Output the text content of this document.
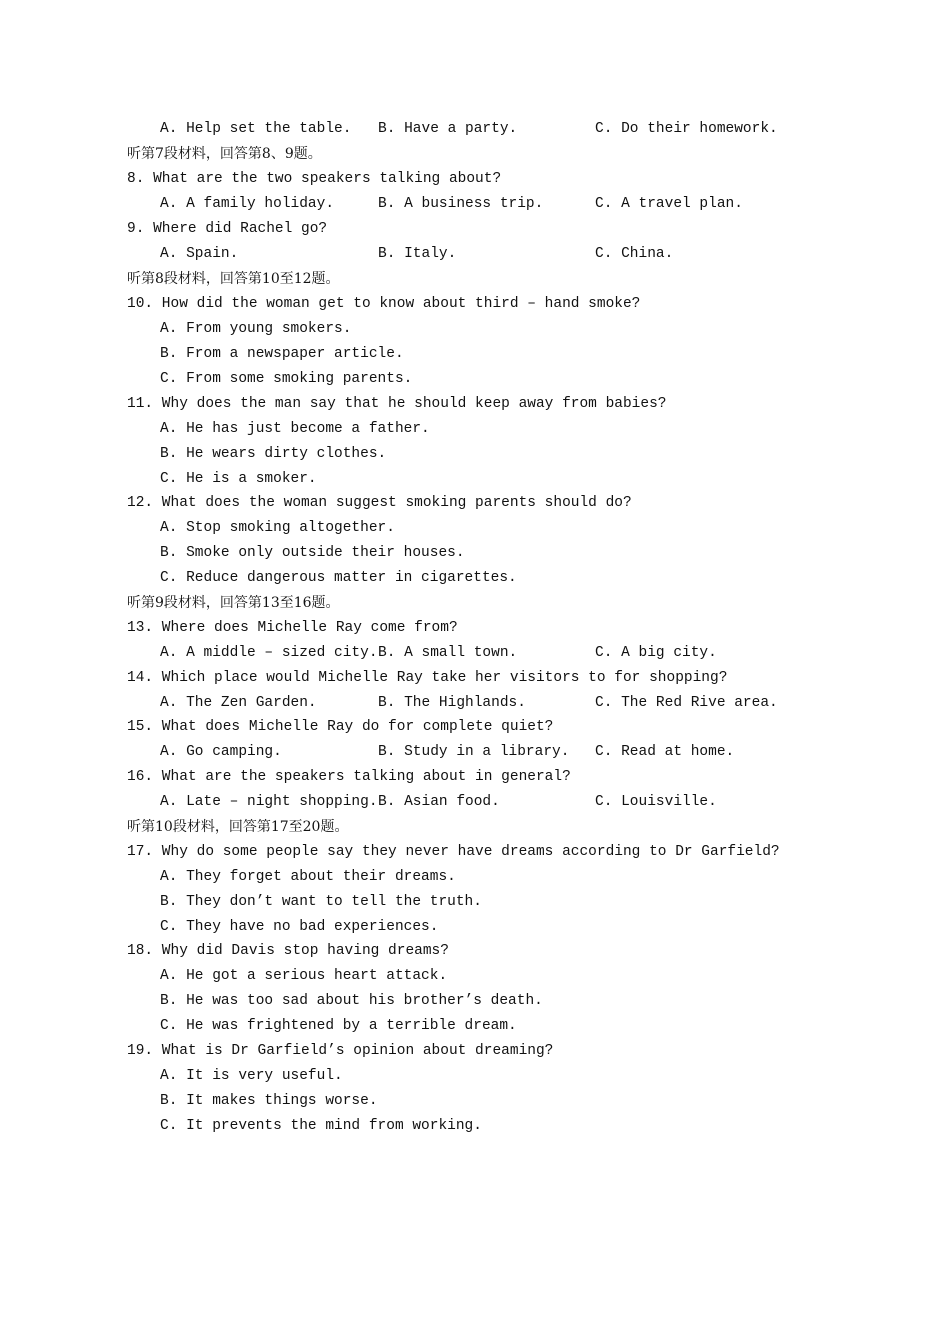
A. Help set the table. B. Have a party.	C. Do their homework.
听第7段材料，回答第8、9题。
8. What are the two speakers talking about?
A. A family holiday.	B. A business trip.	C. A travel plan.
9. Where did Rachel go?
A. Spain.	B. Italy.	C. China.
听第8段材料，回答第10至12题。
10. How did the woman get to know about third – hand smoke?
A. From young smokers.
B. From a newspaper article.
C. From some smoking parents.
11. Why does the man say that he should keep away from babies?
A. He has just become a father.
B. He wears dirty clothes.
C. He is a smoker.
12. What does the woman suggest smoking parents should do?
A. Stop smoking altogether.
B. Smoke only outside their houses.
C. Reduce dangerous matter in cigarettes.
听第9段材料，回答第13至16题。
13. Where does Michelle Ray come from?
A. A middle – sized city. B. A small town.	C. A big city.
14. Which place would Michelle Ray take her visitors to for shopping?
A. The Zen Garden.	B. The Highlands.	C. The Red Rive area.
15. What does Michelle Ray do for complete quiet?
A. Go camping.	B. Study in a library. C. Read at home.
16. What are the speakers talking about in general?
A. Late – night shopping. B. Asian food.	C. Louisville.
听第10段材料，回答第17至20题。
17. Why do some people say they never have dreams according to Dr Garfield?
A. They forget about their dreams.
B. They don’t want to tell the truth.
C. They have no bad experiences.
18. Why did Davis stop having dreams?
A. He got a serious heart attack.
B. He was too sad about his brother’s death.
C. He was frightened by a terrible dream.
19. What is Dr Garfield’s opinion about dreaming?
A. It is very useful.
B. It makes things worse.
C. It prevents the mind from working.
